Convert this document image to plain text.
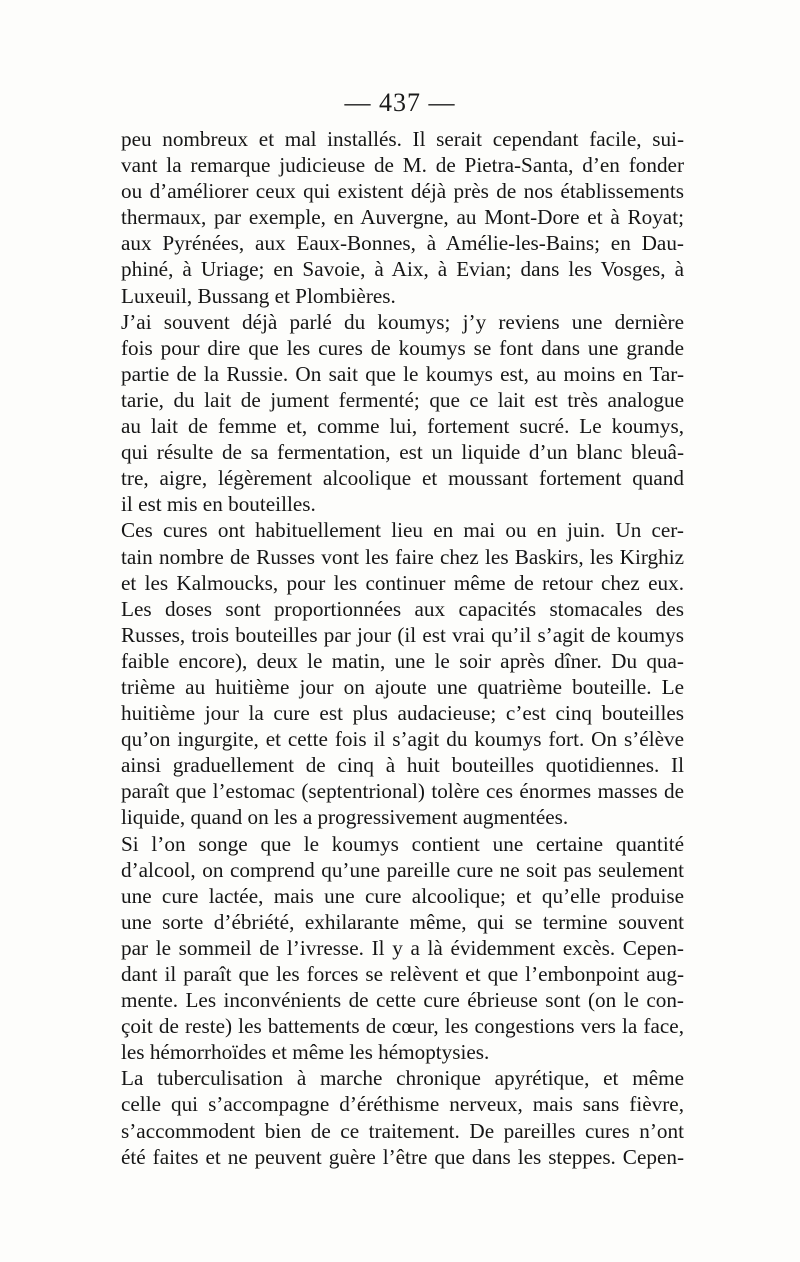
— 437 —
peu nombreux et mal installés. Il serait cependant facile, sui-
vant la remarque judicieuse de M. de Pietra-Santa, d’en fonder
ou d’améliorer ceux qui existent déjà près de nos établissements
thermaux, par exemple, en Auvergne, au Mont-Dore et à Royat;
aux Pyrénées, aux Eaux-Bonnes, à Amélie-les-Bains; en Dau-
phiné, à Uriage; en Savoie, à Aix, à Evian; dans les Vosges, à
Luxeuil, Bussang et Plombières.
J’ai souvent déjà parlé du koumys; j’y reviens une dernière
fois pour dire que les cures de koumys se font dans une grande
partie de la Russie. On sait que le koumys est, au moins en Tar-
tarie, du lait de jument fermenté; que ce lait est très analogue
au lait de femme et, comme lui, fortement sucré. Le koumys,
qui résulte de sa fermentation, est un liquide d’un blanc bleuâ-
tre, aigre, légèrement alcoolique et moussant fortement quand
il est mis en bouteilles.
Ces cures ont habituellement lieu en mai ou en juin. Un cer-
tain nombre de Russes vont les faire chez les Baskirs, les Kirghiz
et les Kalmoucks, pour les continuer même de retour chez eux.
Les doses sont proportionnées aux capacités stomacales des
Russes, trois bouteilles par jour (il est vrai qu’il s’agit de koumys
faible encore), deux le matin, une le soir après dîner. Du qua-
trième au huitième jour on ajoute une quatrième bouteille. Le
huitième jour la cure est plus audacieuse; c’est cinq bouteilles
qu’on ingurgite, et cette fois il s’agit du koumys fort. On s’élève
ainsi graduellement de cinq à huit bouteilles quotidiennes. Il
paraît que l’estomac (septentrional) tolère ces énormes masses de
liquide, quand on les a progressivement augmentées.
Si l’on songe que le koumys contient une certaine quantité
d’alcool, on comprend qu’une pareille cure ne soit pas seulement
une cure lactée, mais une cure alcoolique; et qu’elle produise
une sorte d’ébriété, exhilarante même, qui se termine souvent
par le sommeil de l’ivresse. Il y a là évidemment excès. Cepen-
dant il paraît que les forces se relèvent et que l’embonpoint aug-
mente. Les inconvénients de cette cure ébrieuse sont (on le con-
çoit de reste) les battements de cœur, les congestions vers la face,
les hémorrhoïdes et même les hémoptysies.
La tuberculisation à marche chronique apyrétique, et même
celle qui s’accompagne d’éréthisme nerveux, mais sans fièvre,
s’accommodent bien de ce traitement. De pareilles cures n’ont
été faites et ne peuvent guère l’être que dans les steppes. Cepen-
